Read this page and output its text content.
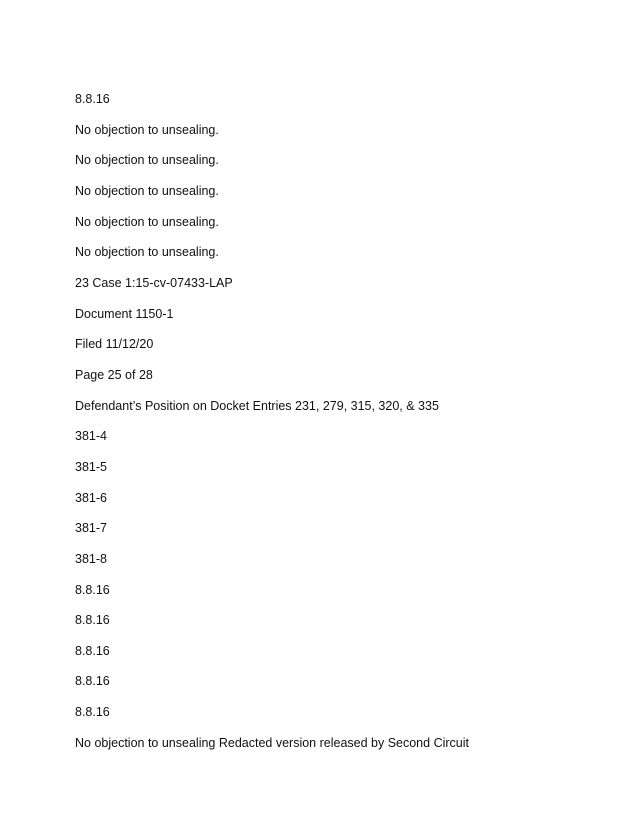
8.8.16
No objection to unsealing.
No objection to unsealing.
No objection to unsealing.
No objection to unsealing.
No objection to unsealing.
23 Case 1:15-cv-07433-LAP
Document 1150-1
Filed 11/12/20
Page 25 of 28
Defendant’s Position on Docket Entries 231, 279, 315, 320, & 335
381-4
381-5
381-6
381-7
381-8
8.8.16
8.8.16
8.8.16
8.8.16
8.8.16
No objection to unsealing Redacted version released by Second Circuit
